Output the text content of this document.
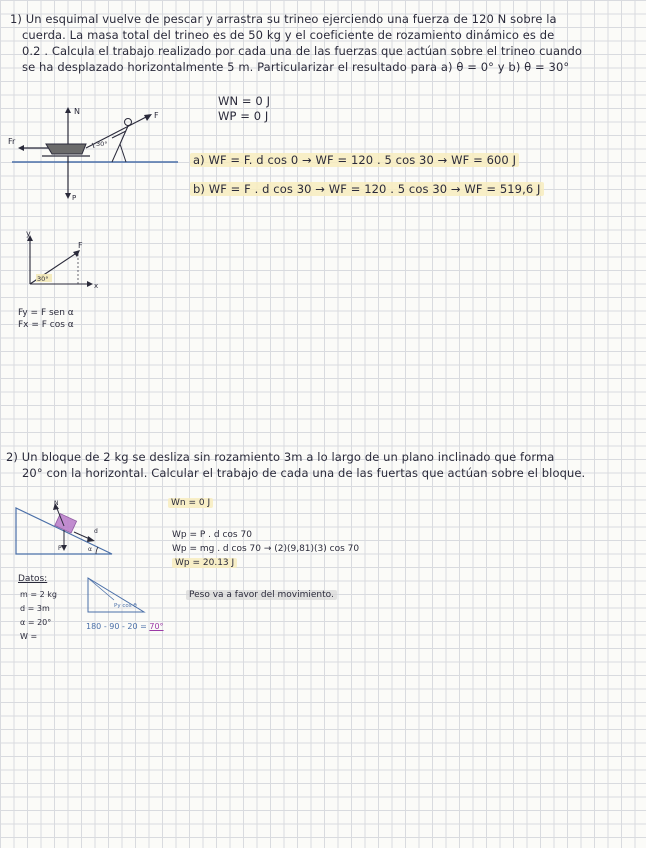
1) Un esquimal vuelve de pescar y arrastra su trineo ejerciendo una fuerza de 120 N sobre la
cuerda. La masa total del trineo es de 50 kg y el coeficiente de rozamiento dinámico es de
0.2 . Calcula el trabajo realizado por cada una de las fuerzas que actúan sobre el trineo cuando
se ha desplazado horizontalmente 5 m. Particularizar el resultado para a) θ = 0° y b) θ = 30°
WN = 0 J
WP = 0 J
a) WF = F. d cos 0 → WF = 120 . 5 cos 30 → WF = 600 J
b) WF = F . d cos 30 → WF = 120 . 5 cos 30 → WF = 519,6 J
Fr
N
P
F
30°
y
x
F
30°
Fy = F sen α
Fx = F cos α
2) Un bloque de 2 kg se desliza sin rozamiento 3m a lo largo de un plano inclinado que forma
20° con la horizontal. Calcular el trabajo de cada una de las fuertas que actúan sobre el bloque.
Wn = 0 J
Wp = P . d cos 70
Wp = mg . d cos 70 → (2)(9,81)(3) cos 70
Wp = 20.13 J
Peso va a favor del movimiento.
N
d
P	α
Datos:
m = 2 kg
d = 3m
α = 20°
W =
Py cos θ
180 - 90 - 20 = 70°
